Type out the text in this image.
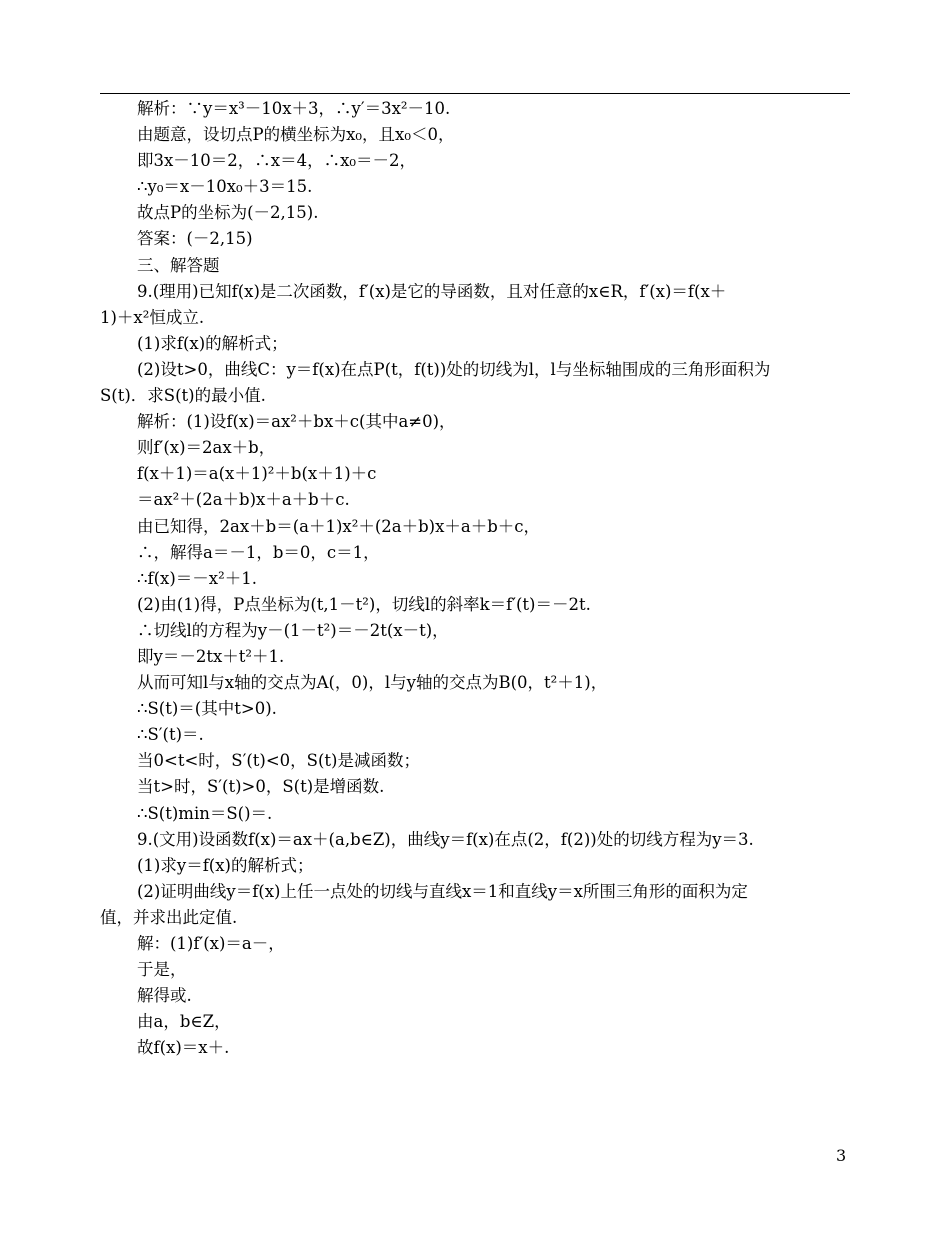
解析：∵y＝x³－10x＋3，∴y′＝3x²－10.
由题意，设切点P的横坐标为x₀，且x₀＜0，
即3x－10＝2，∴x＝4，∴x₀＝－2，
∴y₀＝x－10x₀＋3＝15.
故点P的坐标为(－2,15).
答案：(－2,15)
三、解答题
9.(理用)已知f(x)是二次函数，f′(x)是它的导函数，且对任意的x∈R，f′(x)＝f(x＋
1)＋x²恒成立.
(1)求f(x)的解析式；
(2)设t>0，曲线C：y＝f(x)在点P(t，f(t))处的切线为l，l与坐标轴围成的三角形面积为
S(t)．求S(t)的最小值.
解析：(1)设f(x)＝ax²＋bx＋c(其中a≠0)，
则f′(x)＝2ax＋b，
f(x＋1)＝a(x＋1)²＋b(x＋1)＋c
＝ax²＋(2a＋b)x＋a＋b＋c.
由已知得，2ax＋b＝(a＋1)x²＋(2a＋b)x＋a＋b＋c，
∴，解得a＝－1，b＝0，c＝1，
∴f(x)＝－x²＋1.
(2)由(1)得，P点坐标为(t,1－t²)，切线l的斜率k＝f′(t)＝－2t.
∴切线l的方程为y－(1－t²)＝－2t(x－t)，
即y＝－2tx＋t²＋1.
从而可知l与x轴的交点为A(，0)，l与y轴的交点为B(0，t²＋1)，
∴S(t)＝(其中t>0).
∴S′(t)＝.
当0<t<时，S′(t)<0，S(t)是减函数；
当t>时，S′(t)>0，S(t)是增函数.
∴S(t)min＝S()＝.
9.(文用)设函数f(x)＝ax＋(a,b∈Z)，曲线y＝f(x)在点(2，f(2))处的切线方程为y＝3.
(1)求y＝f(x)的解析式；
(2)证明曲线y＝f(x)上任一点处的切线与直线x＝1和直线y＝x所围三角形的面积为定
值，并求出此定值.
解：(1)f′(x)＝a－，
于是，
解得或.
由a，b∈Z，
故f(x)＝x＋.
3
